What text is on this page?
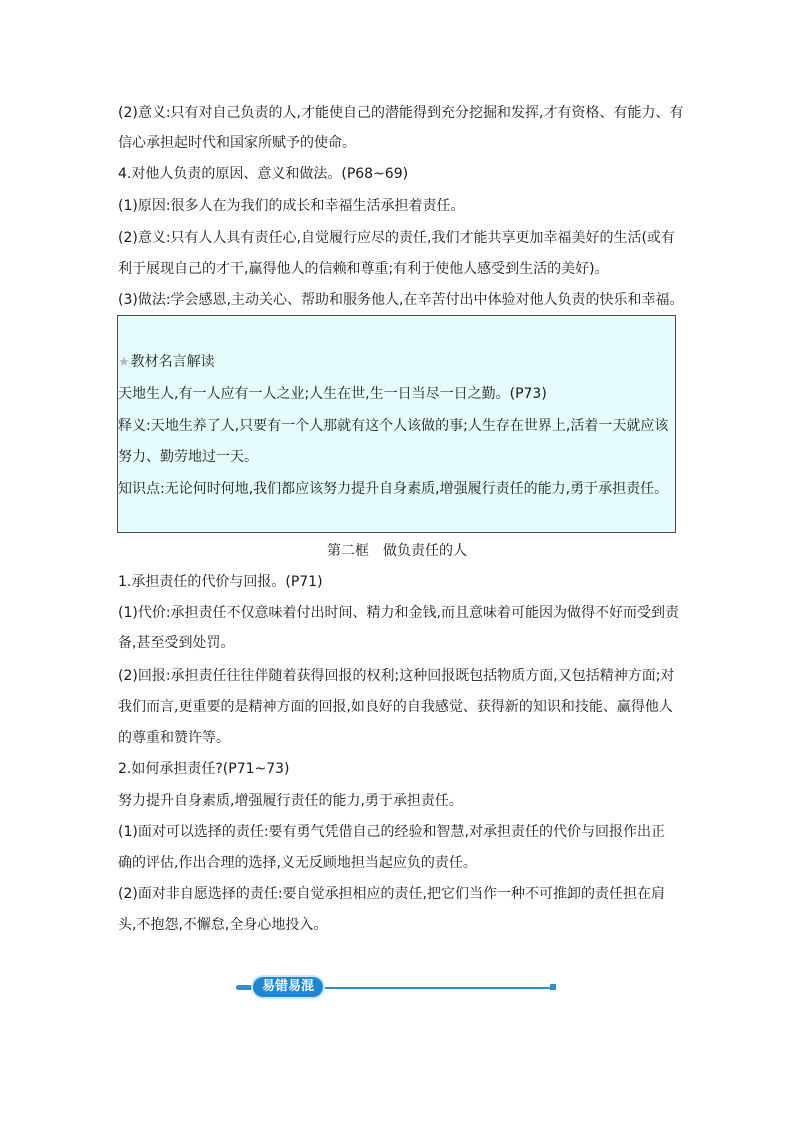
(2)意义:只有对自己负责的人,才能使自己的潜能得到充分挖掘和发挥,才有资格、有能力、有
信心承担起时代和国家所赋予的使命。
4.对他人负责的原因、意义和做法。(P68~69)
(1)原因:很多人在为我们的成长和幸福生活承担着责任。
(2)意义:只有人人具有责任心,自觉履行应尽的责任,我们才能共享更加幸福美好的生活(或有
利于展现自己的才干,赢得他人的信赖和尊重;有利于使他人感受到生活的美好)。
(3)做法:学会感恩,主动关心、帮助和服务他人,在辛苦付出中体验对他人负责的快乐和幸福。
★教材名言解读
天地生人,有一人应有一人之业;人生在世,生一日当尽一日之勤。(P73)
释义:天地生养了人,只要有一个人那就有这个人该做的事;人生存在世界上,活着一天就应该
努力、勤劳地过一天。
知识点:无论何时何地,我们都应该努力提升自身素质,增强履行责任的能力,勇于承担责任。
第二框　做负责任的人
1.承担责任的代价与回报。(P71)
(1)代价:承担责任不仅意味着付出时间、精力和金钱,而且意味着可能因为做得不好而受到责
备,甚至受到处罚。
(2)回报:承担责任往往伴随着获得回报的权利;这种回报既包括物质方面,又包括精神方面;对
我们而言,更重要的是精神方面的回报,如良好的自我感觉、获得新的知识和技能、赢得他人
的尊重和赞许等。
2.如何承担责任?(P71~73)
努力提升自身素质,增强履行责任的能力,勇于承担责任。
(1)面对可以选择的责任:要有勇气凭借自己的经验和智慧,对承担责任的代价与回报作出正
确的评估,作出合理的选择,义无反顾地担当起应负的责任。
(2)面对非自愿选择的责任:要自觉承担相应的责任,把它们当作一种不可推卸的责任担在肩
头,不抱怨,不懈怠,全身心地投入。
易错易混
